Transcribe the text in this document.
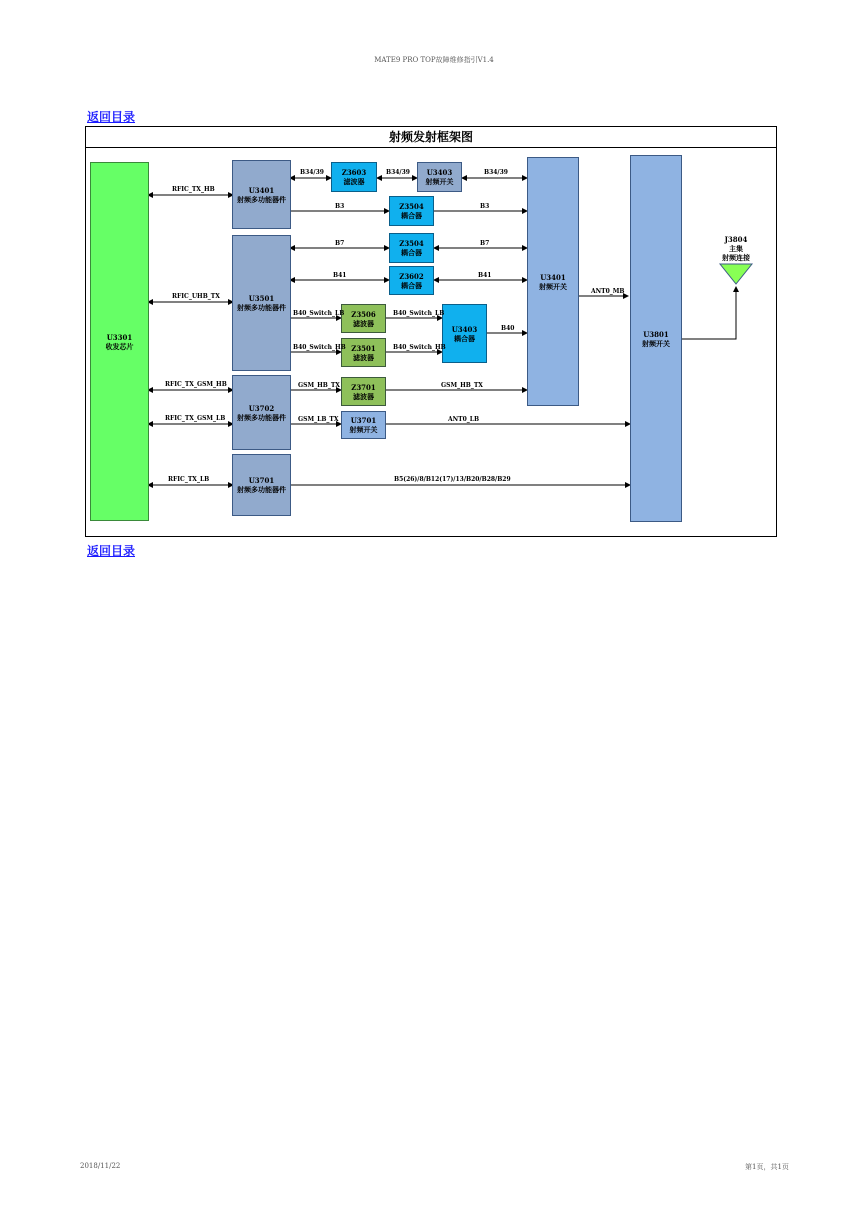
MATE9 PRO TOP故障维修指引V1.4
返回目录
射频发射框架图
U3301
收发芯片
U3401
射频多功能器件
U3501
射频多功能器件
U3702
射频多功能器件
U3701
射频多功能器件
Z3603
滤波器
U3403
射频开关
Z3504
耦合器
Z3504
耦合器
Z3602
耦合器
Z3506
滤波器
Z3501
滤波器
U3403
耦合器
Z3701
滤波器
U3701
射频开关
U3401
射频开关
U3801
射频开关
J3804
主集
射频连接
RFIC_TX_HB
RFIC_UHB_TX
RFIC_TX_GSM_HB
RFIC_TX_GSM_LB
RFIC_TX_LB
B34/39	B34/39	B34/39
B3	B3
B7	B7
B41	B41
B40_Switch_LB	B40_Switch_LB
B40_Switch_HB	B40_Switch_HB
B40
GSM_HB_TX	GSM_HB_TX
GSM_LB_TX	ANT0_LB
ANT0_MB
B5(26)/8/B12(17)/13/B20/B28/B29
返回目录
2018/11/22	第1页，共1页
